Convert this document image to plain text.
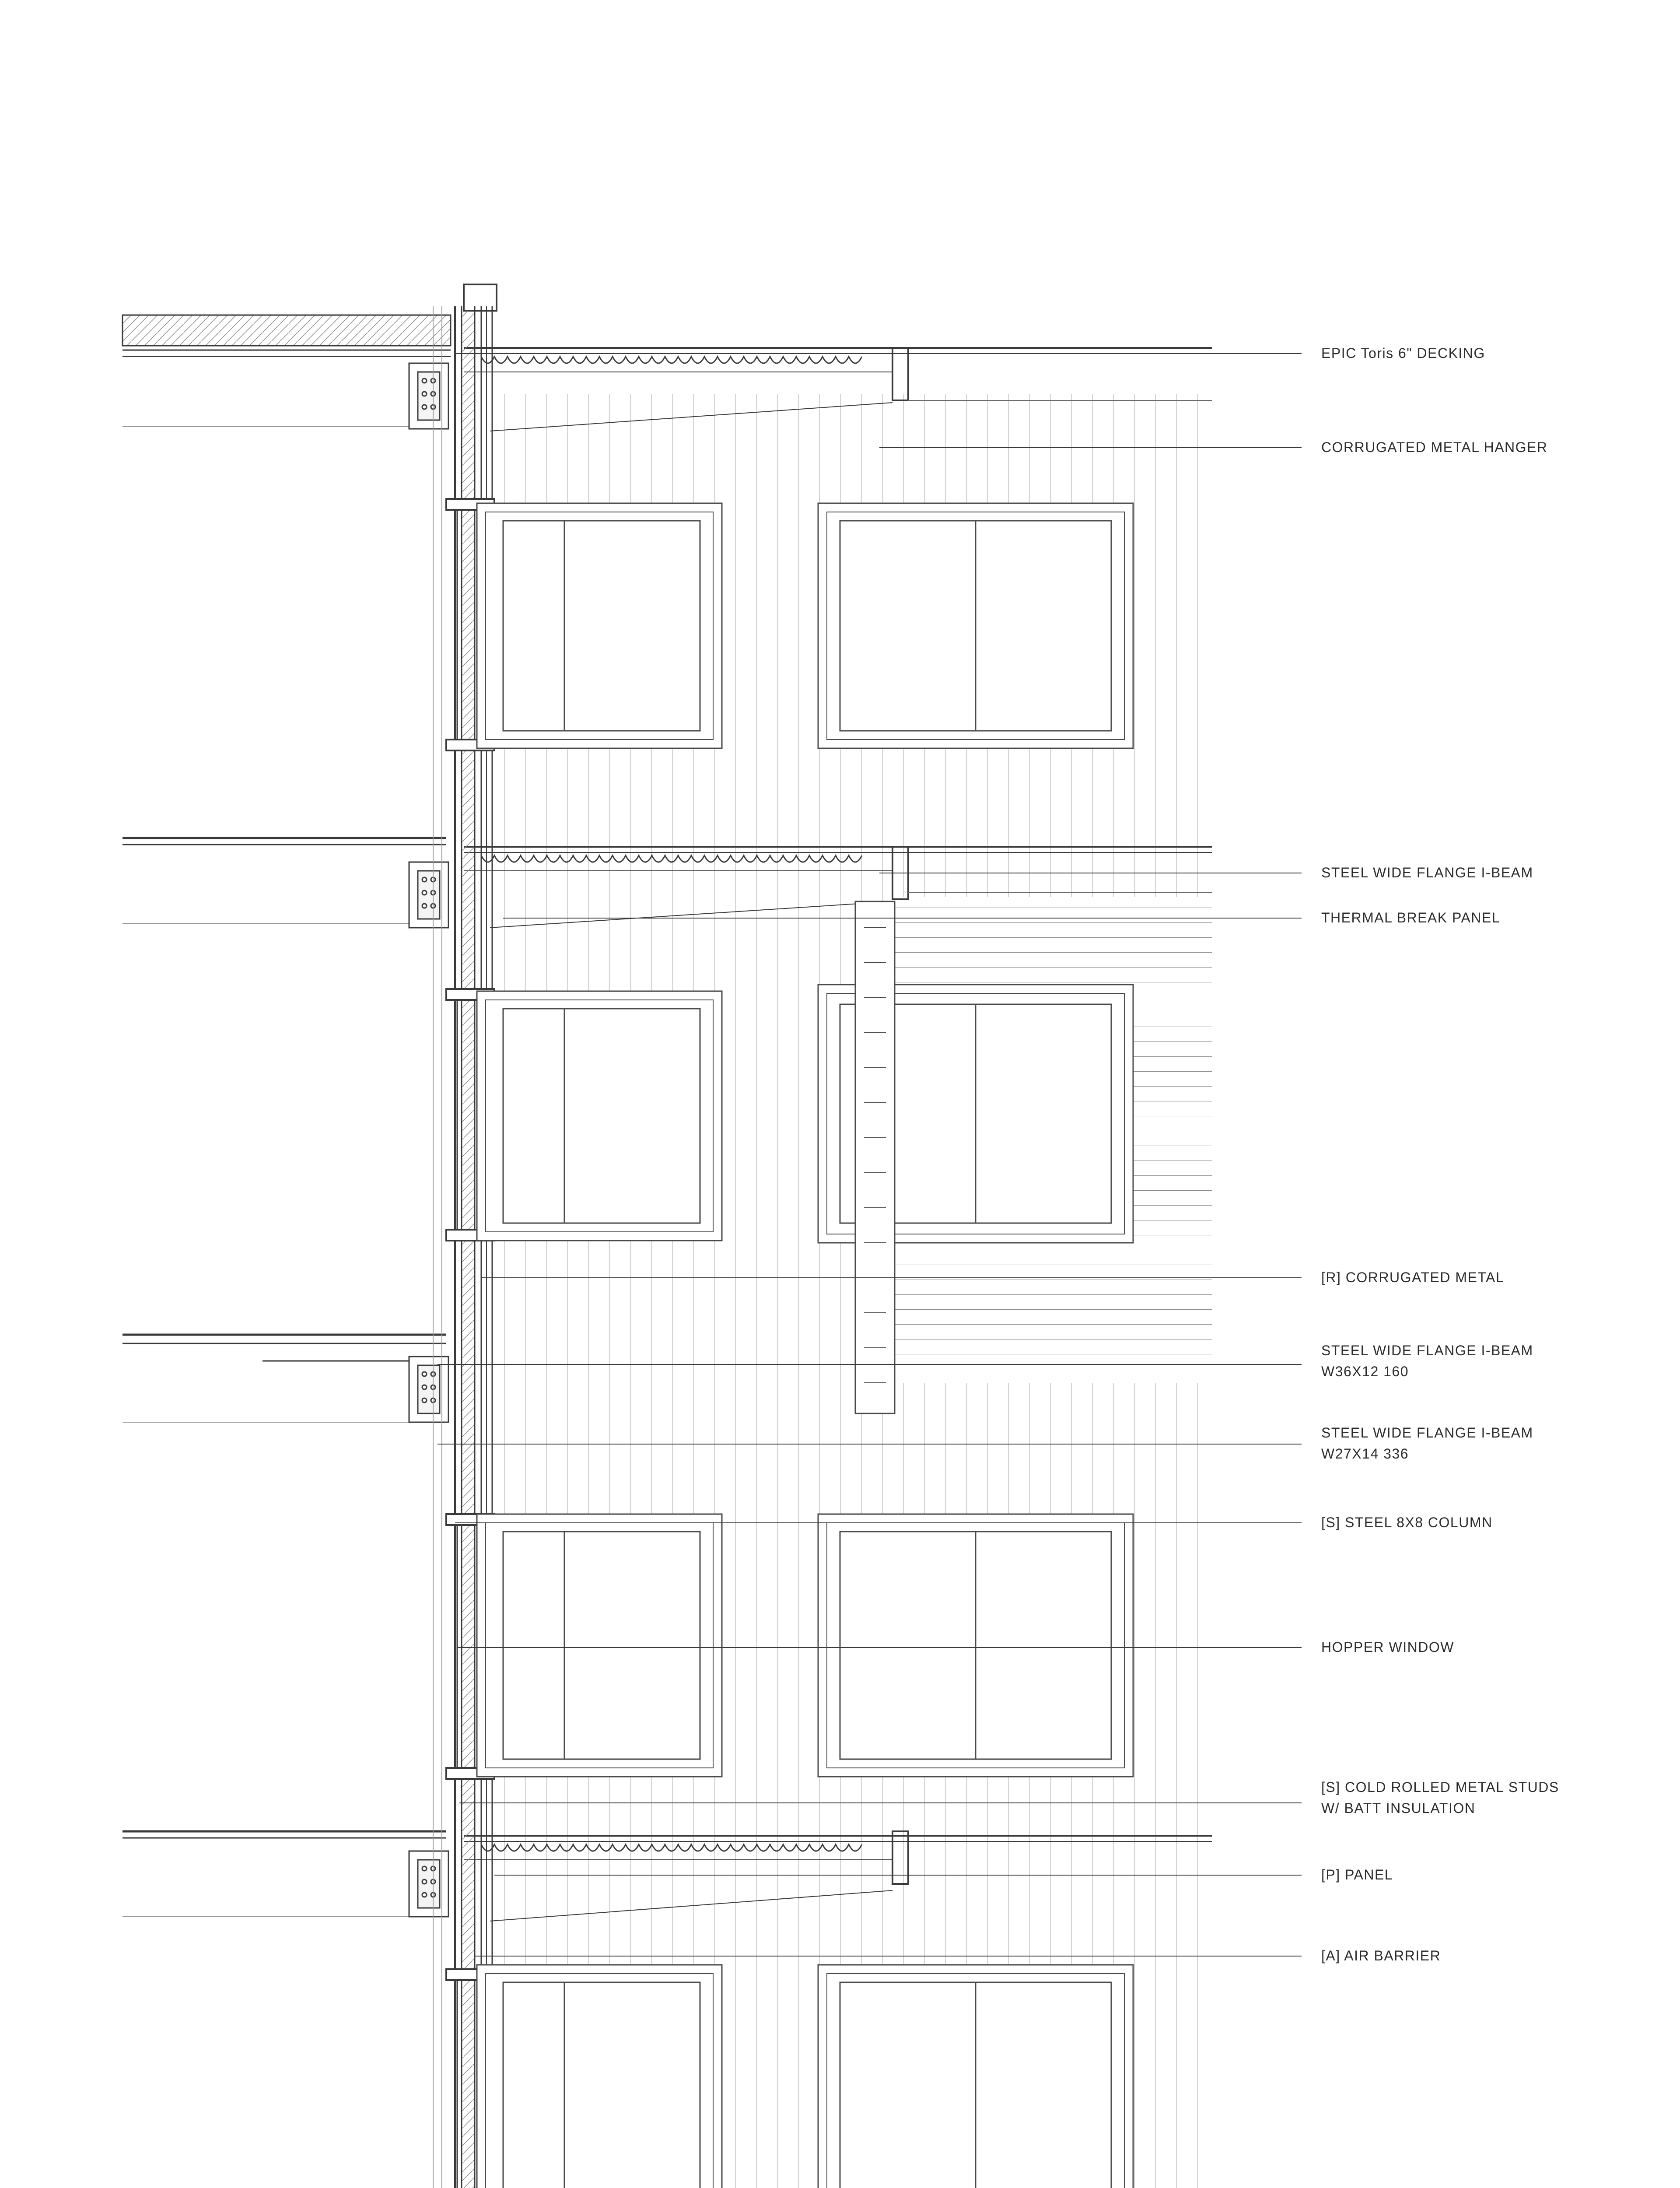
EPIC Toris 6" DECKING
CORRUGATED METAL HANGER
STEEL WIDE FLANGE I-BEAM
THERMAL BREAK PANEL
[R] CORRUGATED METAL
STEEL WIDE FLANGE I-BEAM
W36X12 160
STEEL WIDE FLANGE I-BEAM
W27X14 336
[S] STEEL 8X8 COLUMN
HOPPER WINDOW
[S] COLD ROLLED METAL STUDS
W/ BATT INSULATION
[P] PANEL
[A] AIR BARRIER
